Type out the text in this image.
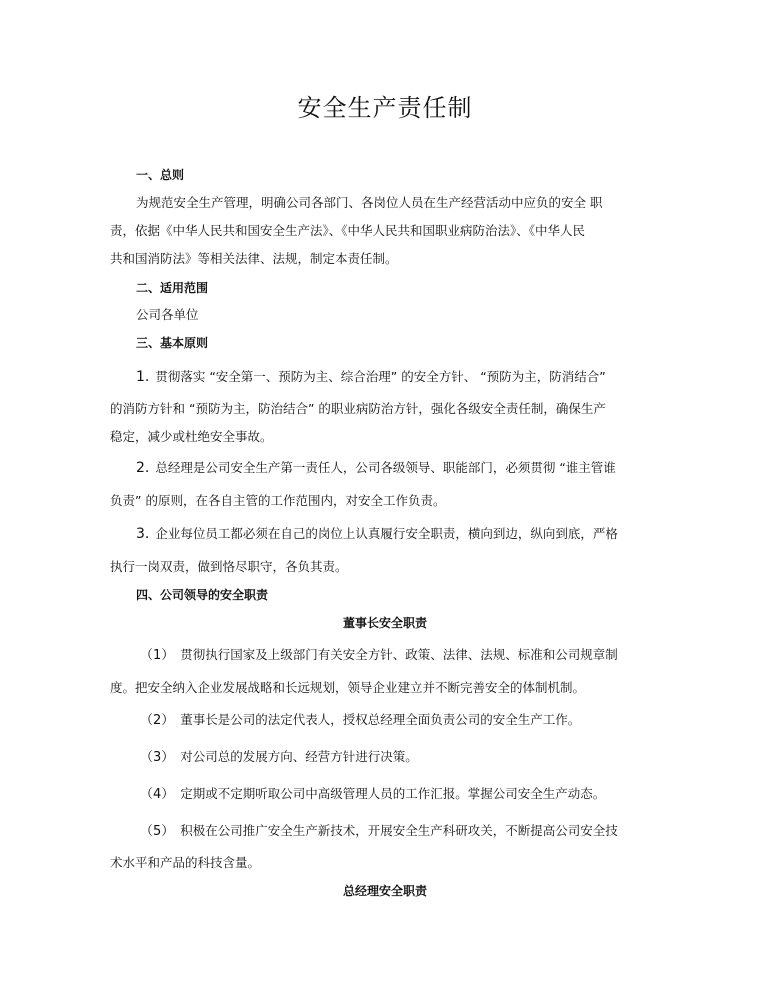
安全生产责任制
一、总则
为规范安全生产管理，明确公司各部门、各岗位人员在生产经营活动中应负的安全 职
责，依据《中华人民共和国安全生产法》、《中华人民共和国职业病防治法》、《中华人民
共和国消防法》等相关法律、法规，制定本责任制。
二、适用范围
公司各单位
三、基本原则
1. 贯彻落实 “安全第一、预防为主、综合治理” 的安全方针、 “预防为主，防消结合”
的消防方针和 “预防为主，防治结合” 的职业病防治方针，强化各级安全责任制，确保生产
稳定，减少或杜绝安全事故。
2. 总经理是公司安全生产第一责任人，公司各级领导、职能部门，必须贯彻 “谁主管谁
负责” 的原则，在各自主管的工作范围内，对安全工作负责。
3. 企业每位员工都必须在自己的岗位上认真履行安全职责，横向到边，纵向到底，严格
执行一岗双责，做到恪尽职守，各负其责。
四、公司领导的安全职责
董事长安全职责
（1） 贯彻执行国家及上级部门有关安全方针、政策、法律、法规、标准和公司规章制
度。把安全纳入企业发展战略和长远规划，领导企业建立并不断完善安全的体制机制。
（2） 董事长是公司的法定代表人，授权总经理全面负责公司的安全生产工作。
（3） 对公司总的发展方向、经营方针进行决策。
（4） 定期或不定期听取公司中高级管理人员的工作汇报。掌握公司安全生产动态。
（5） 积极在公司推广安全生产新技术，开展安全生产科研攻关，不断提高公司安全技
术水平和产品的科技含量。
总经理安全职责
